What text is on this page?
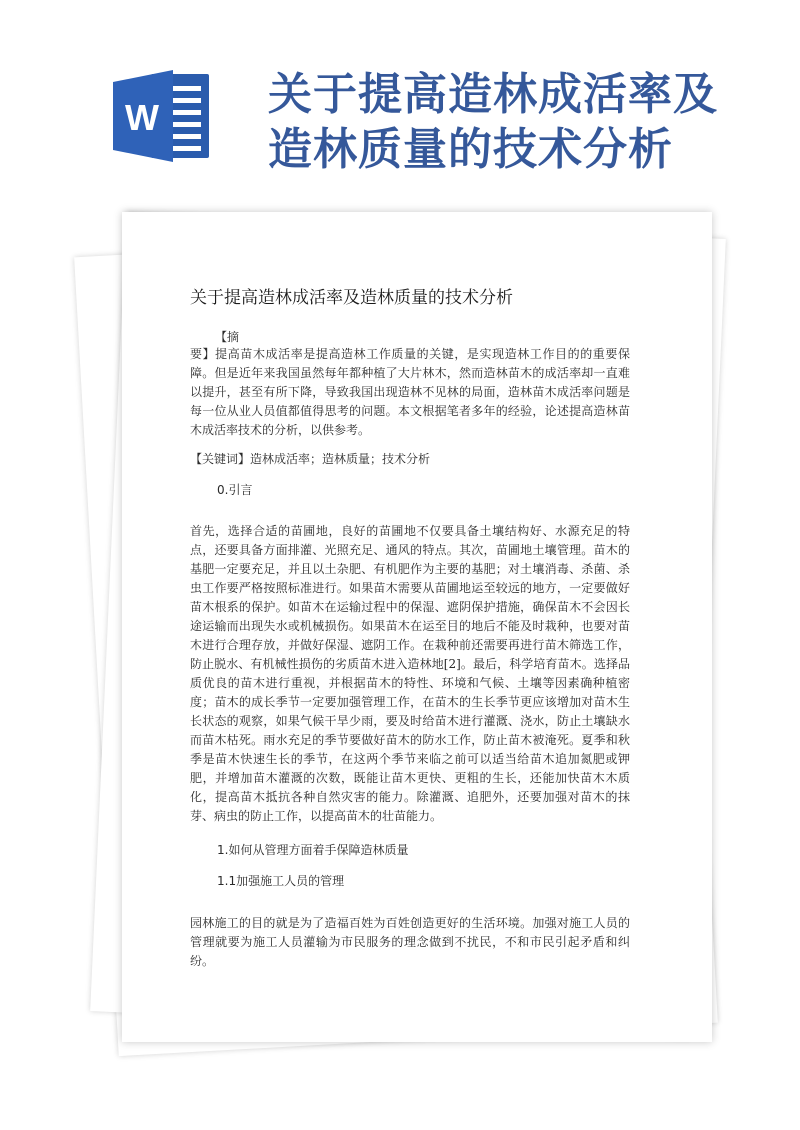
W 关于提高造林成活率及
造林质量的技术分析
关于提高造林成活率及造林质量的技术分析
【摘
要】提高苗木成活率是提高造林工作质量的关键，是实现造林工作目的的重要保障。但是近年来我国虽然每年都种植了大片林木，然而造林苗木的成活率却一直难以提升，甚至有所下降，导致我国出现造林不见林的局面，造林苗木成活率问题是每一位从业人员值都值得思考的问题。本文根据笔者多年的经验，论述提高造林苗木成活率技术的分析，以供参考。
【关键词】造林成活率；造林质量；技术分析
0.引言
首先，选择合适的苗圃地，良好的苗圃地不仅要具备土壤结构好、水源充足的特点，还要具备方面排灌、光照充足、通风的特点。其次，苗圃地土壤管理。苗木的基肥一定要充足，并且以土杂肥、有机肥作为主要的基肥；对土壤消毒、杀菌、杀虫工作要严格按照标准进行。如果苗木需要从苗圃地运至较远的地方，一定要做好苗木根系的保护。如苗木在运输过程中的保湿、遮阴保护措施，确保苗木不会因长途运输而出现失水或机械损伤。如果苗木在运至目的地后不能及时栽种，也要对苗木进行合理存放，并做好保湿、遮阴工作。在栽种前还需要再进行苗木筛选工作，防止脱水、有机械性损伤的劣质苗木进入造林地[2]。最后，科学培育苗木。选择品质优良的苗木进行重视，并根据苗木的特性、环境和气候、土壤等因素确种植密度；苗木的成长季节一定要加强管理工作，在苗木的生长季节更应该增加对苗木生长状态的观察，如果气候干旱少雨，要及时给苗木进行灌溉、浇水，防止土壤缺水而苗木枯死。雨水充足的季节要做好苗木的防水工作，防止苗木被淹死。夏季和秋季是苗木快速生长的季节，在这两个季节来临之前可以适当给苗木追加氮肥或钾肥，并增加苗木灌溉的次数，既能让苗木更快、更粗的生长，还能加快苗木木质化，提高苗木抵抗各种自然灾害的能力。除灌溉、追肥外，还要加强对苗木的抹芽、病虫的防止工作，以提高苗木的壮苗能力。
1.如何从管理方面着手保障造林质量
1.1加强施工人员的管理
园林施工的目的就是为了造福百姓为百姓创造更好的生活环境。加强对施工人员的管理就要为施工人员灌输为市民服务的理念做到不扰民，不和市民引起矛盾和纠纷。
